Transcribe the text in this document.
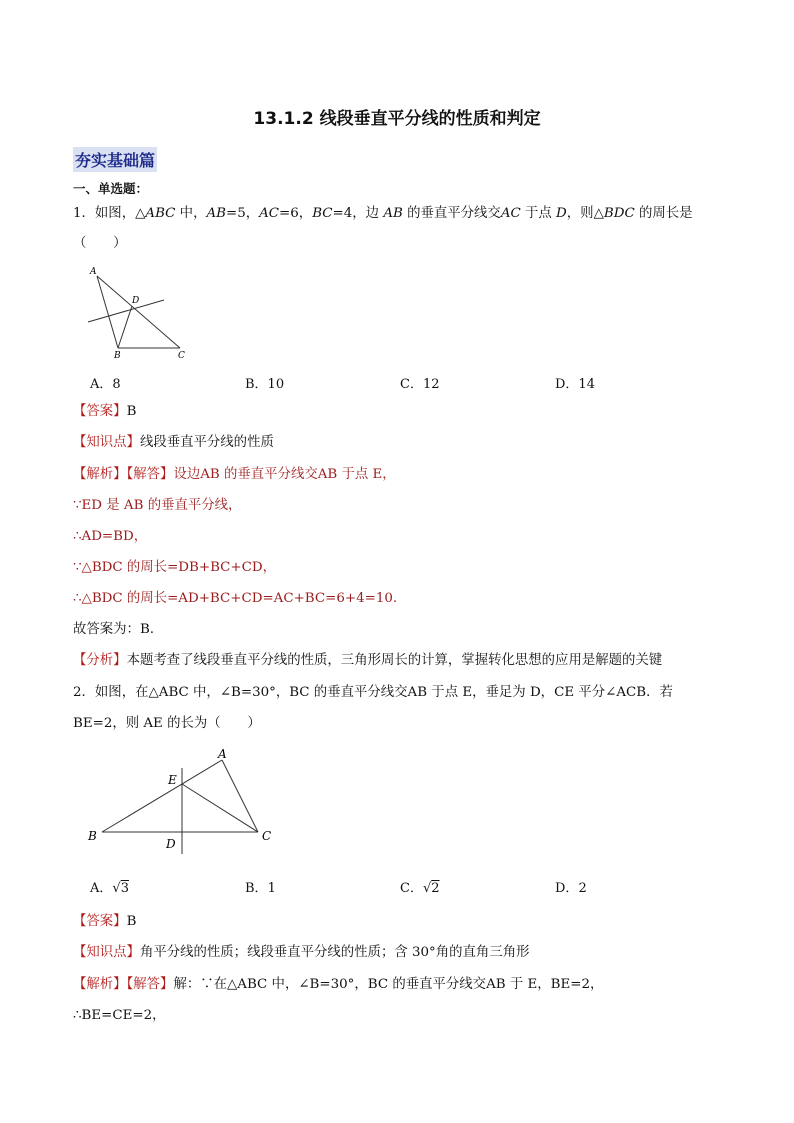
13.1.2 线段垂直平分线的性质和判定
夯实基础篇
一、单选题：
1．如图，△ABC 中，AB=5，AC=6，BC=4，边 AB 的垂直平分线交AC 于点 D，则△BDC 的周长是
（　　）
A
D
B	C
A．8	B．10	C．12	D．14
【答案】B
【知识点】线段垂直平分线的性质
【解析】【解答】设边AB 的垂直平分线交AB 于点 E，
∵ED 是 AB 的垂直平分线，
∴AD=BD，
∵△BDC 的周长=DB+BC+CD，
∴△BDC 的周长=AD+BC+CD=AC+BC=6+4=10.
故答案为：B.
【分析】本题考查了线段垂直平分线的性质，三角形周长的计算，掌握转化思想的应用是解题的关键
2．如图，在△ABC 中，∠B=30°，BC 的垂直平分线交AB 于点 E，垂足为 D，CE 平分∠ACB．若
BE=2，则 AE 的长为（　　）
A
E
B
D
C
A．√3	B．1	C．√2	D．2
【答案】B
【知识点】角平分线的性质；线段垂直平分线的性质；含 30°角的直角三角形
【解析】【解答】解：∵在△ABC 中，∠B=30°，BC 的垂直平分线交AB 于 E，BE=2，
∴BE=CE=2，
